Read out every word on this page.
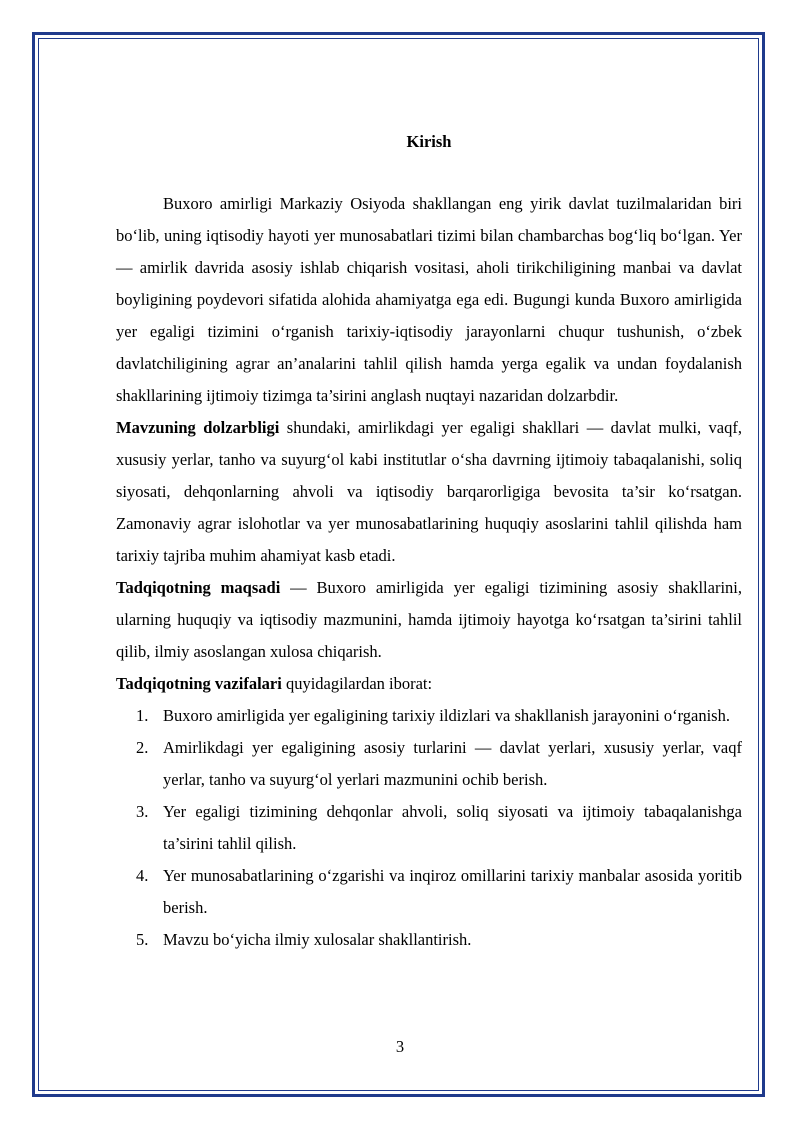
Kirish

Buxoro amirligi Markaziy Osiyoda shakllangan eng yirik davlat tuzilmalaridan biri bo‘lib, uning iqtisodiy hayoti yer munosabatlari tizimi bilan chambarchas bog‘liq bo‘lgan. Yer — amirlik davrida asosiy ishlab chiqarish vositasi, aholi tirikchiligining manbai va davlat boyligining poydevori sifatida alohida ahamiyatga ega edi. Bugungi kunda Buxoro amirligida yer egaligi tizimini o‘rganish tarixiy-iqtisodiy jarayonlarni chuqur tushunish, o‘zbek davlatchiligining agrar an’analarini tahlil qilish hamda yerga egalik va undan foydalanish shakllarining ijtimoiy tizimga ta’sirini anglash nuqtayi nazaridan dolzarbdir.

Mavzuning dolzarbligi shundaki, amirlikdagi yer egaligi shakllari — davlat mulki, vaqf, xususiy yerlar, tanho va suyurg‘ol kabi institutlar o‘sha davrning ijtimoiy tabaqalanishi, soliq siyosati, dehqonlarning ahvoli va iqtisodiy barqarorligiga bevosita ta’sir ko‘rsatgan. Zamonaviy agrar islohotlar va yer munosabatlarining huquqiy asoslarini tahlil qilishda ham tarixiy tajriba muhim ahamiyat kasb etadi.

Tadqiqotning maqsadi — Buxoro amirligida yer egaligi tizimining asosiy shakllarini, ularning huquqiy va iqtisodiy mazmunini, hamda ijtimoiy hayotga ko‘rsatgan ta’sirini tahlil qilib, ilmiy asoslangan xulosa chiqarish.

Tadqiqotning vazifalari quyidagilardan iborat:

1. Buxoro amirligida yer egaligining tarixiy ildizlari va shakllanish jarayonini o‘rganish.
2. Amirlikdagi yer egaligining asosiy turlarini — davlat yerlari, xususiy yerlar, vaqf yerlar, tanho va suyurg‘ol yerlari mazmunini ochib berish.
3. Yer egaligi tizimining dehqonlar ahvoli, soliq siyosati va ijtimoiy tabaqalanishga ta’sirini tahlil qilish.
4. Yer munosabatlarining o‘zgarishi va inqiroz omillarini tarixiy manbalar asosida yoritib berish.
5. Mavzu bo‘yicha ilmiy xulosalar shakllantirish.
3
